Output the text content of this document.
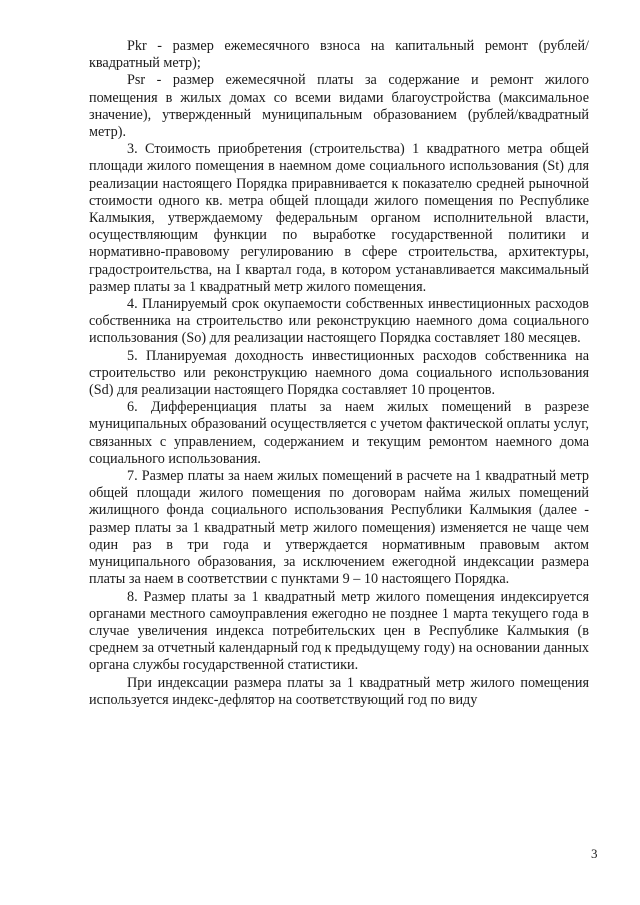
Pkr - размер ежемесячного взноса на капитальный ремонт (рублей/квадратный метр);

Psr - размер ежемесячной платы за содержание и ремонт жилого помещения в жилых домах со всеми видами благоустройства (максимальное значение), утвержденный муниципальным образованием (рублей/квадратный метр).

3. Стоимость приобретения (строительства) 1 квадратного метра общей площади жилого помещения в наемном доме социального использования (St) для реализации настоящего Порядка приравнивается к показателю средней рыночной стоимости одного кв. метра общей площади жилого помещения по Республике Калмыкия, утверждаемому федеральным органом исполнительной власти, осуществляющим функции по выработке государственной политики и нормативно-правовому регулированию в сфере строительства, архитектуры, градостроительства, на I квартал года, в котором устанавливается максимальный размер платы за 1 квадратный метр жилого помещения.

4. Планируемый срок окупаемости собственных инвестиционных расходов собственника на строительство или реконструкцию наемного дома социального использования (So) для реализации настоящего Порядка составляет 180 месяцев.

5. Планируемая доходность инвестиционных расходов собственника на строительство или реконструкцию наемного дома социального использования (Sd) для реализации настоящего Порядка составляет 10 процентов.

6. Дифференциация платы за наем жилых помещений в разрезе муниципальных образований осуществляется с учетом фактической оплаты услуг, связанных с управлением, содержанием и текущим ремонтом наемного дома социального использования.

7. Размер платы за наем жилых помещений в расчете на 1 квадратный метр общей площади жилого помещения по договорам найма жилых помещений жилищного фонда социального использования Республики Калмыкия (далее - размер платы за 1 квадратный метр жилого помещения) изменяется не чаще чем один раз в три года и утверждается нормативным правовым актом муниципального образования, за исключением ежегодной индексации размера платы за наем в соответствии с пунктами 9 – 10 настоящего Порядка.

8. Размер платы за 1 квадратный метр жилого помещения индексируется органами местного самоуправления ежегодно не позднее 1 марта текущего года в случае увеличения индекса потребительских цен в Республике Калмыкия (в среднем за отчетный календарный год к предыдущему году) на основании данных органа службы государственной статистики.

При индексации размера платы за 1 квадратный метр жилого помещения используется индекс-дефлятор на соответствующий год по виду

3
